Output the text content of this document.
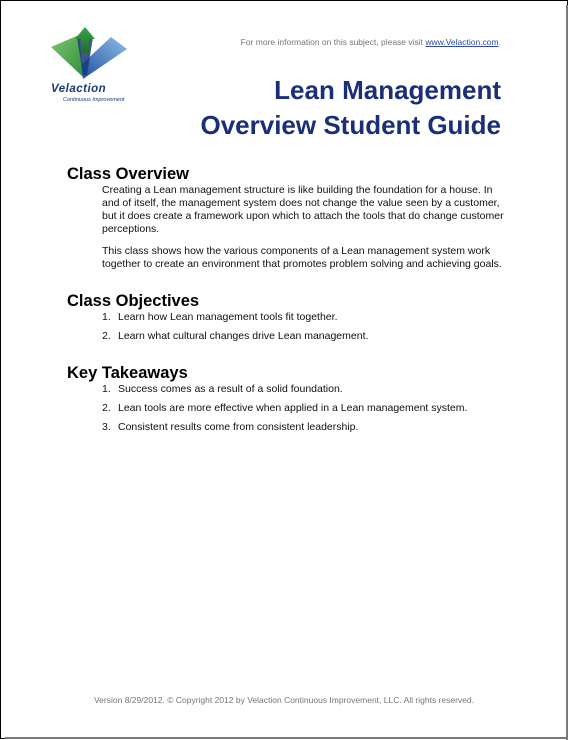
Velaction
Continuous Improvement
For more information on this subject, please visit www.Velaction.com.
Lean Management
Overview Student Guide
Class Overview

Creating a Lean management structure is like building the foundation for a house. In and of itself, the management system does not change the value seen by a customer, but it does create a framework upon which to attach the tools that do change customer perceptions.

This class shows how the various components of a Lean management system work together to create an environment that promotes problem solving and achieving goals.

Class Objectives
1. Learn how Lean management tools fit together.
2. Learn what cultural changes drive Lean management.
Key Takeaways
1. Success comes as a result of a solid foundation.
2. Lean tools are more effective when applied in a Lean management system.
3. Consistent results come from consistent leadership.
Version 8/29/2012. © Copyright 2012 by Velaction Continuous Improvement, LLC. All rights reserved.
